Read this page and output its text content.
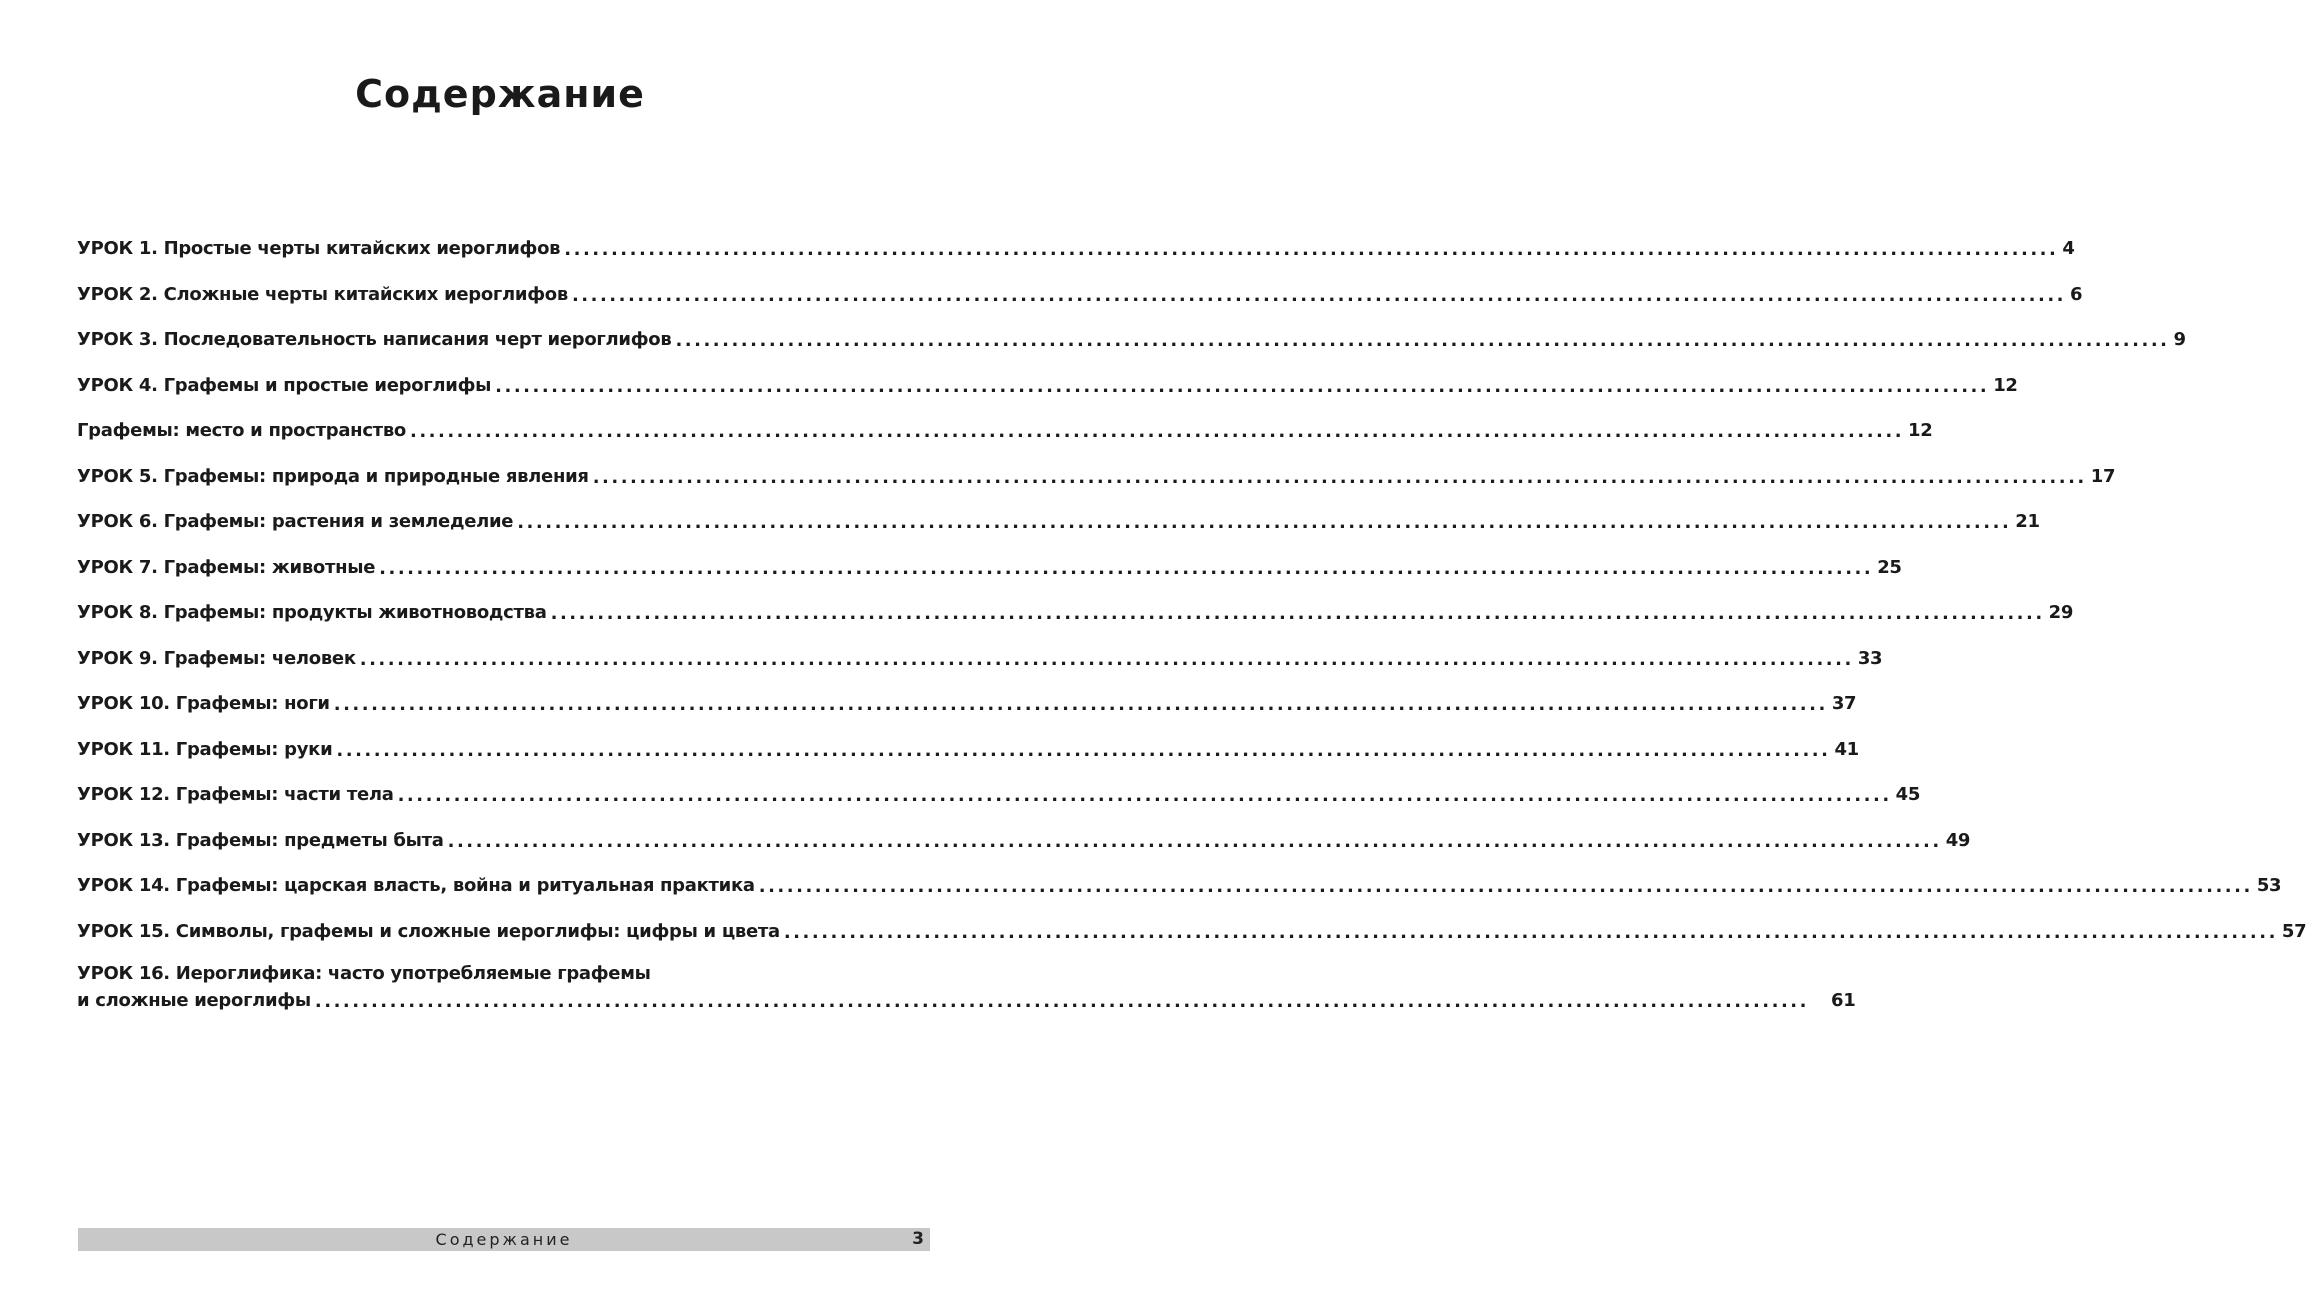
Содержание
УРОК 1. Простые черты китайских иероглифов ................................................................................................................................................................ 4
УРОК 2. Сложные черты китайских иероглифов ................................................................................................................................................................ 6
УРОК 3. Последовательность написания черт иероглифов ................................................................................................................................................................ 9
УРОК 4. Графемы и простые иероглифы ................................................................................................................................................................ 12
Графемы: место и пространство ................................................................................................................................................................ 12
УРОК 5. Графемы: природа и природные явления ................................................................................................................................................................ 17
УРОК 6. Графемы: растения и земледелие ................................................................................................................................................................ 21
УРОК 7. Графемы: животные ................................................................................................................................................................ 25
УРОК 8. Графемы: продукты животноводства ................................................................................................................................................................ 29
УРОК 9. Графемы: человек ................................................................................................................................................................ 33
УРОК 10. Графемы: ноги ................................................................................................................................................................ 37
УРОК 11. Графемы: руки ................................................................................................................................................................ 41
УРОК 12. Графемы: части тела ................................................................................................................................................................ 45
УРОК 13. Графемы: предметы быта ................................................................................................................................................................ 49
УРОК 14. Графемы: царская власть, война и ритуальная практика ................................................................................................................................................................ 53
УРОК 15. Символы, графемы и сложные иероглифы: цифры и цвета ................................................................................................................................................................ 57
УРОК 16. Иероглифика: часто употребляемые графемы
и сложные иероглифы ................................................................................................................................................................	61
Содержание	3
